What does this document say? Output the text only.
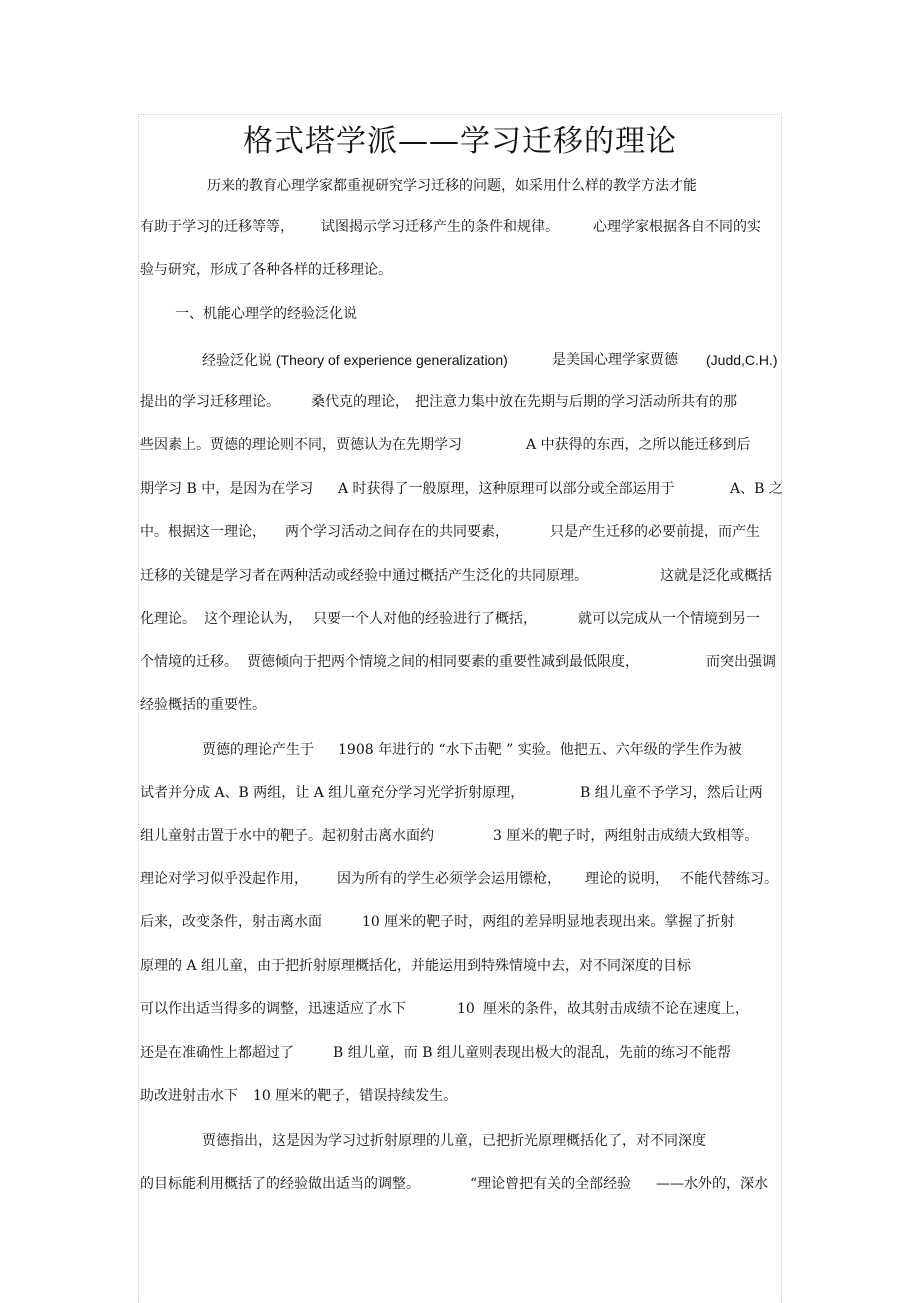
格式塔学派——学习迁移的理论
历来的教育心理学家都重视研究学习迁移的问题，如采用什么样的教学方法才能
有助于学习的迁移等等， 试图揭示学习迁移产生的条件和规律。 心理学家根据各自不同的实
验与研究，形成了各种各样的迁移理论。
一、机能心理学的经验泛化说
经验泛化说 (Theory of experience generalization)	是美国心理学家贾德 (Judd,C.H.)
提出的学习迁移理论。 桑代克的理论， 把注意力集中放在先期与后期的学习活动所共有的那
些因素上。贾德的理论则不同，贾德认为在先期学习	A 中获得的东西，之所以能迁移到后
期学习 B 中，是因为在学习 A 时获得了一般原理，这种原理可以部分或全部运用于	A、B 之
中。根据这一理论， 两个学习活动之间存在的共同要素，	只是产生迁移的必要前提，而产生
迁移的关键是学习者在两种活动或经验中通过概括产生泛化的共同原理。	这就是泛化或概括
化理论。 这个理论认为， 只要一个人对他的经验进行了概括，	就可以完成从一个情境到另一
个情境的迁移。 贾德倾向于把两个情境之间的相同要素的重要性减到最低限度，	而突出强调
经验概括的重要性。
贾德的理论产生于 1908 年进行的 “水下击靶 ” 实验。他把五、六年级的学生作为被
试者并分成 A、B 两组，让 A 组儿童充分学习光学折射原理，	B 组儿童不予学习，然后让两
组儿童射击置于水中的靶子。起初射击离水面约	3 厘米的靶子时，两组射击成绩大致相等。
理论对学习似乎没起作用， 因为所有的学生必须学会运用镖枪， 理论的说明， 不能代替练习。
后来，改变条件，射击离水面	10 厘米的靶子时，两组的差异明显地表现出来。掌握了折射
原理的 A 组儿童，由于把折射原理概括化，并能运用到特殊情境中去，对不同深度的目标
可以作出适当得多的调整，迅速适应了水下	10 厘米的条件，故其射击成绩不论在速度上，
还是在准确性上都超过了	B 组儿童，而 B 组儿童则表现出极大的混乱，先前的练习不能帮
助改进射击水下 10 厘米的靶子，错误持续发生。
贾德指出，这是因为学习过折射原理的儿童，已把折光原理概括化了，对不同深度
的目标能利用概括了的经验做出适当的调整。	“理论曾把有关的全部经验 ——水外的，深水
